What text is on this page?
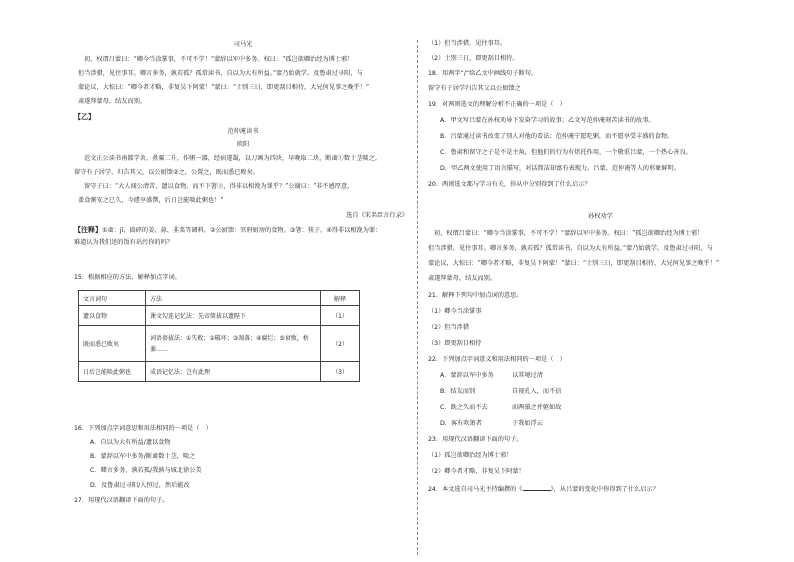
司马光
初，权谓吕蒙曰：“卿今当涂掌事，不可不学！”蒙辞以军中多务。权曰：“孤岂欲卿治经为博士邪！
但当涉猎，见往事耳。卿言多务，孰若孤？孤常读书，自以为大有所益。”蒙乃始就学。及鲁肃过寻阳，与
蒙论议，大惊曰：“卿今者才略，非复吴下阿蒙！”蒙曰：“士别三日，即更刮目相待，大兄何见事之晚乎！”
肃遂拜蒙母，结友而别。
【乙】
范仲淹读书
欧阳
范文正公读书南都学舍，煮粟二升，作粥一器，经宿遂凝，以刀画为四块，早晚取二块，断齑①数十茎啖之。
留守有子居学，归告其父，以公厨馈②之，公置之，既而悉已败矣。
留守子曰：“大人闻公清苦，遗以食物，而不下箸③，得非以相浼为罪乎？”公谢曰：“非不感厚意，
盖食粥安之已久，今遽享盛馔，后日岂能啖此粥也！”
选自《宋名臣言行录》
【注释】①齑：jī，捣碎的姜、蒜、韭菜等调料。②公厨馈：官府厨房的食物。③箸：筷子。④得非以相浼为罪：
难道认为我们送的饭有玷污你的吗？
15．根据相应的方法，解释加点字词。
文言词句	方法	解释
遗以食物	课文勾连记忆法：先帝简拔以遗陛下	（1）
既而悉已败矣	词语套拔法：①失败；②破坏；③凋落；④腐烂；⑤衰败，枯萎……	（2）
日后岂能啖此粥也	成语记忆法：岂有此理	（3）
16．下列加点字词意思和用法相同的一项是（　）
A．自以为大有所益/遗以食物
B．蒙辞以军中多务/断齑数十茎，啖之
C．卿言多务，孰若孤/我孰与城北徐公美
D．及鲁肃过寻阳/人恒过，然后能改
17．用现代汉语翻译下面的句子。
（1）但当涉猎，见往事耳。
（2）士别三日，即更刮目相待。
18．用两字“/”给乙文中画线句子断句。
留守有子居学归告其父以公厨馈之
19．对两则选文的理解分析不正确的一项是（　）
A．甲文写吕蒙在孙权劝导下发奋学习的故事；乙文写范仲淹刻苦读书的故事。
B．吕蒙通过读书改变了别人对他的看法；范仲淹宁愿吃粥，而不愿享受丰盛的食物。
C．鲁肃和留守之子是不是主角，但他们的行为有烘托作用，一个敬重吕蒙，一个热心善良。
D．甲乙两文使用了语言描写，对话简洁却富有表现力。吕蒙、范仲淹等人的形象鲜明。
20．两则选文都与学习有关，你从中分别得到了什么启示？
孙权劝学
初，权谓吕蒙曰：“卿今当涂掌事，不可不学！”蒙辞以军中多务。权曰：“孤岂欲卿治经为博士邪！
但当涉猎，见往事耳。卿言多务，孰若孤？孤常读书，自以为大有所益。”蒙乃始就学。及鲁肃过寻阳，与
蒙论议，大惊曰：“卿今者才略，非复吴下阿蒙！”蒙曰：“士别三日，即更刮目相待，大兄何见事之晚乎！”
肃遂拜蒙母，结友而别。
21．解释下列句中加点词的意思。
（1）卿今当涂掌事
（2）但当涉猎
（3）即更刮目相待
22．下列加点字词意义和用法相同的一项是（　）
A．蒙辞以军中多务	以其境过清
B．结友而别	自视孔入，而不信
C．既之久而不去	而两狼之并驱如故
D．客有吹箫者	于我如浮云
23．用现代汉语翻译下面的句子。
（1）孤岂欲卿治经为博士邪！
（2）卿今者才略，非复吴下阿蒙！
24．本文选自司马光主持编撰的《	》，从吕蒙的变化中你得到了什么启示？
